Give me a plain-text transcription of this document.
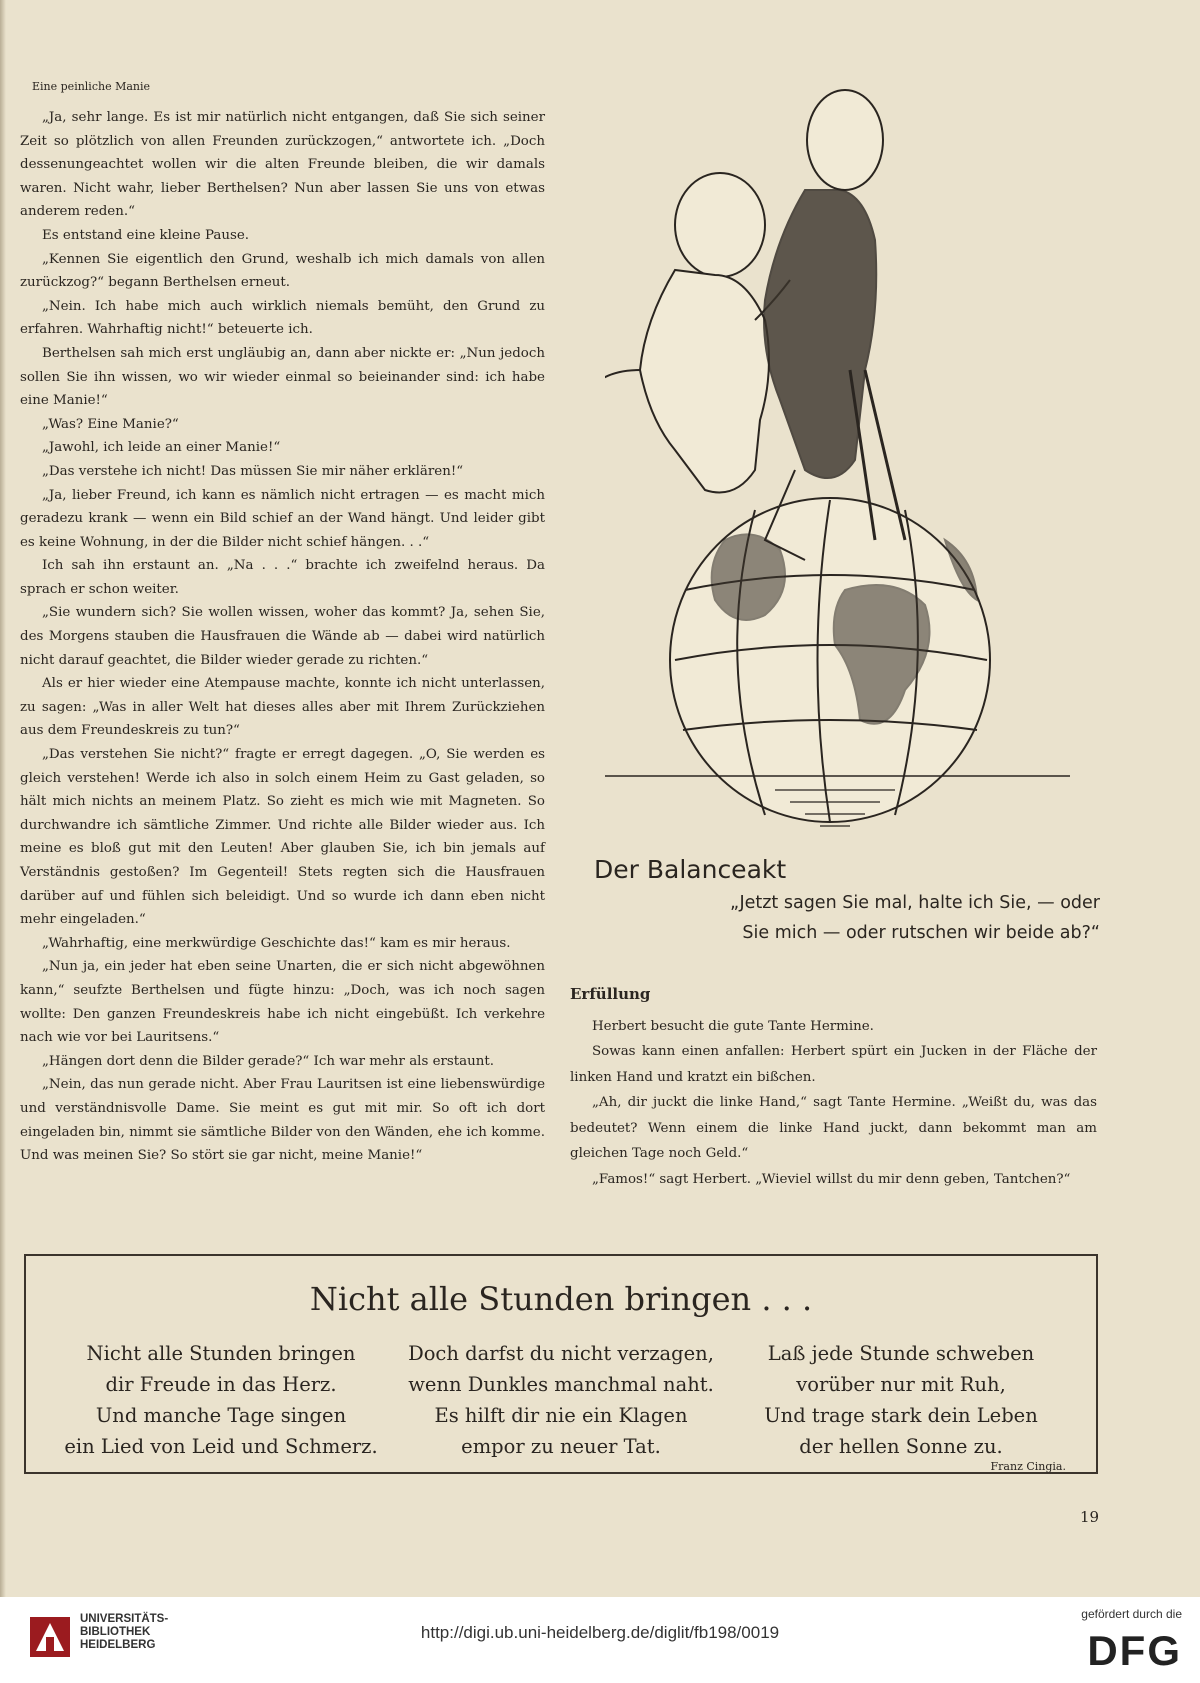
Eine peinliche Manie

„Ja, sehr lange. Es ist mir natürlich nicht entgangen, daß Sie sich seiner Zeit so plötzlich von allen Freunden zurückzogen,“ antwortete ich. „Doch dessenungeachtet wollen wir die alten Freunde bleiben, die wir damals waren. Nicht wahr, lieber Berthelsen? Nun aber lassen Sie uns von etwas anderem reden.“

Es entstand eine kleine Pause.

„Kennen Sie eigentlich den Grund, weshalb ich mich damals von allen zurückzog?“ begann Berthelsen erneut.

„Nein. Ich habe mich auch wirklich niemals bemüht, den Grund zu erfahren. Wahrhaftig nicht!“ beteuerte ich.

Berthelsen sah mich erst ungläubig an, dann aber nickte er: „Nun jedoch sollen Sie ihn wissen, wo wir wieder einmal so beieinander sind: ich habe eine Manie!“

„Was? Eine Manie?“

„Jawohl, ich leide an einer Manie!“

„Das verstehe ich nicht! Das müssen Sie mir näher erklären!“

„Ja, lieber Freund, ich kann es nämlich nicht ertragen — es macht mich geradezu krank — wenn ein Bild schief an der Wand hängt. Und leider gibt es keine Wohnung, in der die Bilder nicht schief hängen. . .“

Ich sah ihn erstaunt an. „Na . . .“ brachte ich zweifelnd heraus. Da sprach er schon weiter.

„Sie wundern sich? Sie wollen wissen, woher das kommt? Ja, sehen Sie, des Morgens stauben die Hausfrauen die Wände ab — dabei wird natürlich nicht darauf geachtet, die Bilder wieder gerade zu richten.“

Als er hier wieder eine Atempause machte, konnte ich nicht unterlassen, zu sagen: „Was in aller Welt hat dieses alles aber mit Ihrem Zurückziehen aus dem Freundeskreis zu tun?“

„Das verstehen Sie nicht?“ fragte er erregt dagegen. „O, Sie werden es gleich verstehen! Werde ich also in solch einem Heim zu Gast geladen, so hält mich nichts an meinem Platz. So zieht es mich wie mit Magneten. So durchwandre ich sämtliche Zimmer. Und richte alle Bilder wieder aus. Ich meine es bloß gut mit den Leuten! Aber glauben Sie, ich bin jemals auf Verständnis gestoßen? Im Gegenteil! Stets regten sich die Hausfrauen darüber auf und fühlen sich beleidigt. Und so wurde ich dann eben nicht mehr eingeladen.“

„Wahrhaftig, eine merkwürdige Geschichte das!“ kam es mir heraus.

„Nun ja, ein jeder hat eben seine Unarten, die er sich nicht abgewöhnen kann,“ seufzte Berthelsen und fügte hinzu: „Doch, was ich noch sagen wollte: Den ganzen Freundeskreis habe ich nicht eingebüßt. Ich verkehre nach wie vor bei Lauritsens.“

„Hängen dort denn die Bilder gerade?“ Ich war mehr als erstaunt.

„Nein, das nun gerade nicht. Aber Frau Lauritsen ist eine liebenswürdige und verständnisvolle Dame. Sie meint es gut mit mir. So oft ich dort eingeladen bin, nimmt sie sämtliche Bilder von den Wänden, ehe ich komme. Und was meinen Sie? So stört sie gar nicht, meine Manie!“

Der Balanceakt
„Jetzt sagen Sie mal, halte ich Sie, — oder
Sie mich — oder rutschen wir beide ab?“
Erfüllung

Herbert besucht die gute Tante Hermine.

Sowas kann einen anfallen: Herbert spürt ein Jucken in der Fläche der linken Hand und kratzt ein bißchen.

„Ah, dir juckt die linke Hand,“ sagt Tante Hermine. „Weißt du, was das bedeutet? Wenn einem die linke Hand juckt, dann bekommt man am gleichen Tage noch Geld.“

„Famos!“ sagt Herbert. „Wieviel willst du mir denn geben, Tantchen?“

Nicht alle Stunden bringen . . .
Nicht alle Stunden bringen
dir Freude in das Herz.
Und manche Tage singen
ein Lied von Leid und Schmerz.
Doch darfst du nicht verzagen,
wenn Dunkles manchmal naht.
Es hilft dir nie ein Klagen
empor zu neuer Tat.
Laß jede Stunde schweben
vorüber nur mit Ruh,
Und trage stark dein Leben
der hellen Sonne zu.
Franz Cingia.
19
UNIVERSITÄTS-
BIBLIOTHEK
HEIDELBERG
http://digi.ub.uni-heidelberg.de/diglit/fb198/0019
gefördert durch die
DFG
